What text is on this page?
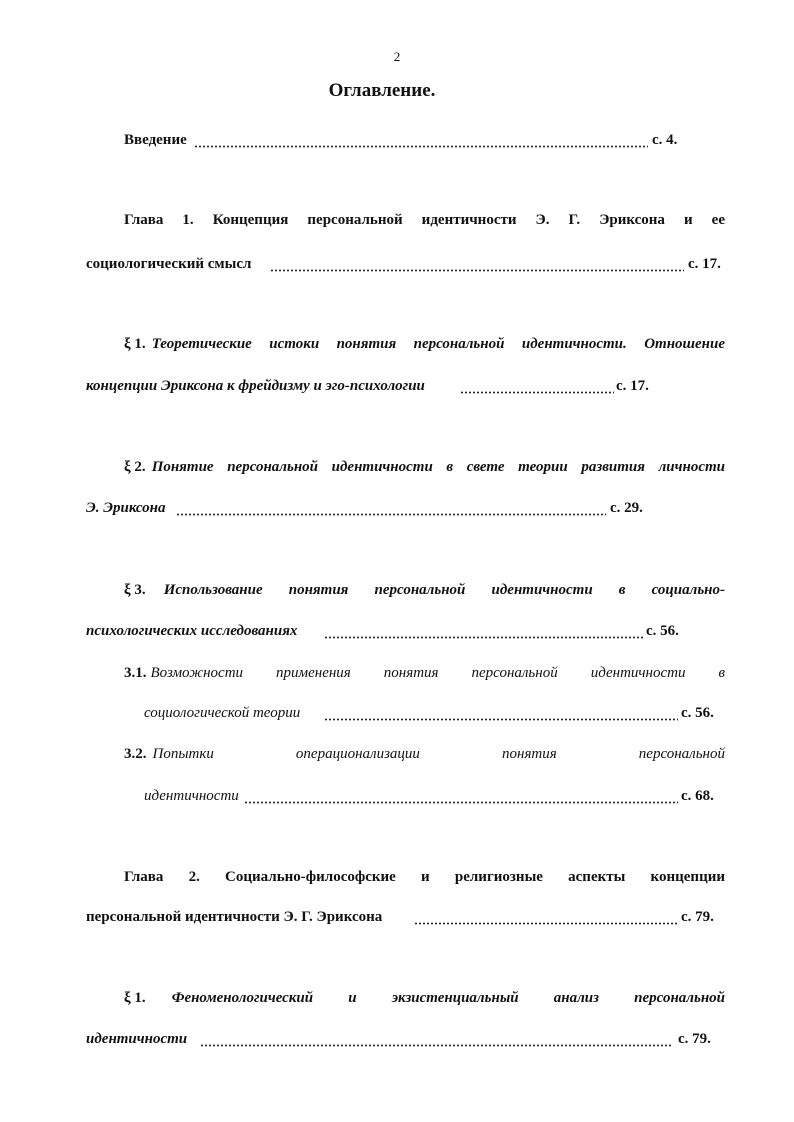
2
Оглавление.
Введение	с. 4.
Глава 1. Концепция персональной идентичности Э. Г. Эриксона и ее
социологический смысл	с. 17.
ξ 1. Теоретические истоки понятия персональной идентичности. Отношение
концепции Эриксона к фрейдизму и эго-психологии	с. 17.
ξ 2. Понятие персональной идентичности в свете теории развития личности
Э. Эриксона	с. 29.
ξ 3. Использование понятия персональной идентичности в социально-
психологических исследованиях	с. 56.
3.1. Возможности применения понятия персональной идентичности в
социологической теории	с. 56.
3.2. Попытки операционализации понятия персональной
идентичности	с. 68.
Глава 2. Социально-философские и религиозные аспекты концепции
персональной идентичности Э. Г. Эриксона	с. 79.
ξ 1. Феноменологический и экзистенциальный анализ персональной
идентичности	с. 79.
